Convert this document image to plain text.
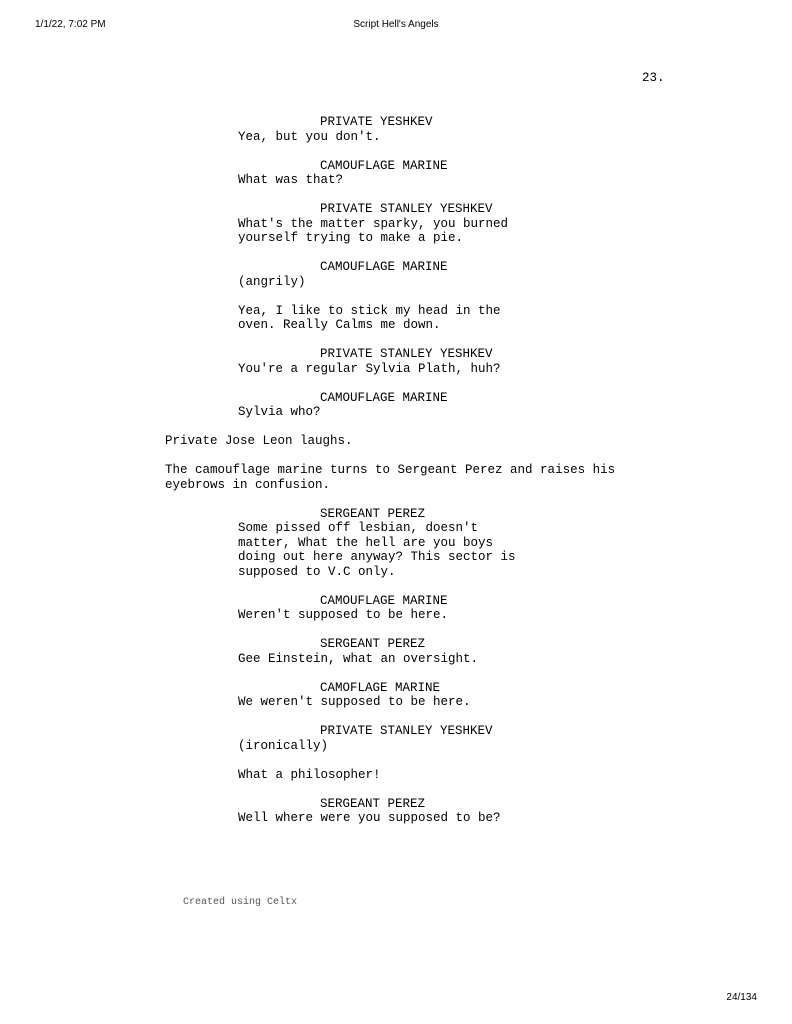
Script Hell's Angels
1/1/22, 7:02 PM
23.
PRIVATE YESHKEV
Yea, but you don't.
CAMOUFLAGE MARINE
What was that?
PRIVATE STANLEY YESHKEV
What's the matter sparky, you burned
yourself trying to make a pie.
CAMOUFLAGE MARINE
(angrily)
Yea, I like to stick my head in the
oven. Really Calms me down.
PRIVATE STANLEY YESHKEV
You're a regular Sylvia Plath, huh?
CAMOUFLAGE MARINE
Sylvia who?
Private Jose Leon laughs.
The camouflage marine turns to Sergeant Perez and raises his
eyebrows in confusion.
SERGEANT PEREZ
Some pissed off lesbian, doesn't
matter, What the hell are you boys
doing out here anyway? This sector is
supposed to V.C only.
CAMOUFLAGE MARINE
Weren't supposed to be here.
SERGEANT PEREZ
Gee Einstein, what an oversight.
CAMOFLAGE MARINE
We weren't supposed to be here.
PRIVATE STANLEY YESHKEV
(ironically)
What a philosopher!
SERGEANT PEREZ
Well where were you supposed to be?
Created using Celtx
24/134
